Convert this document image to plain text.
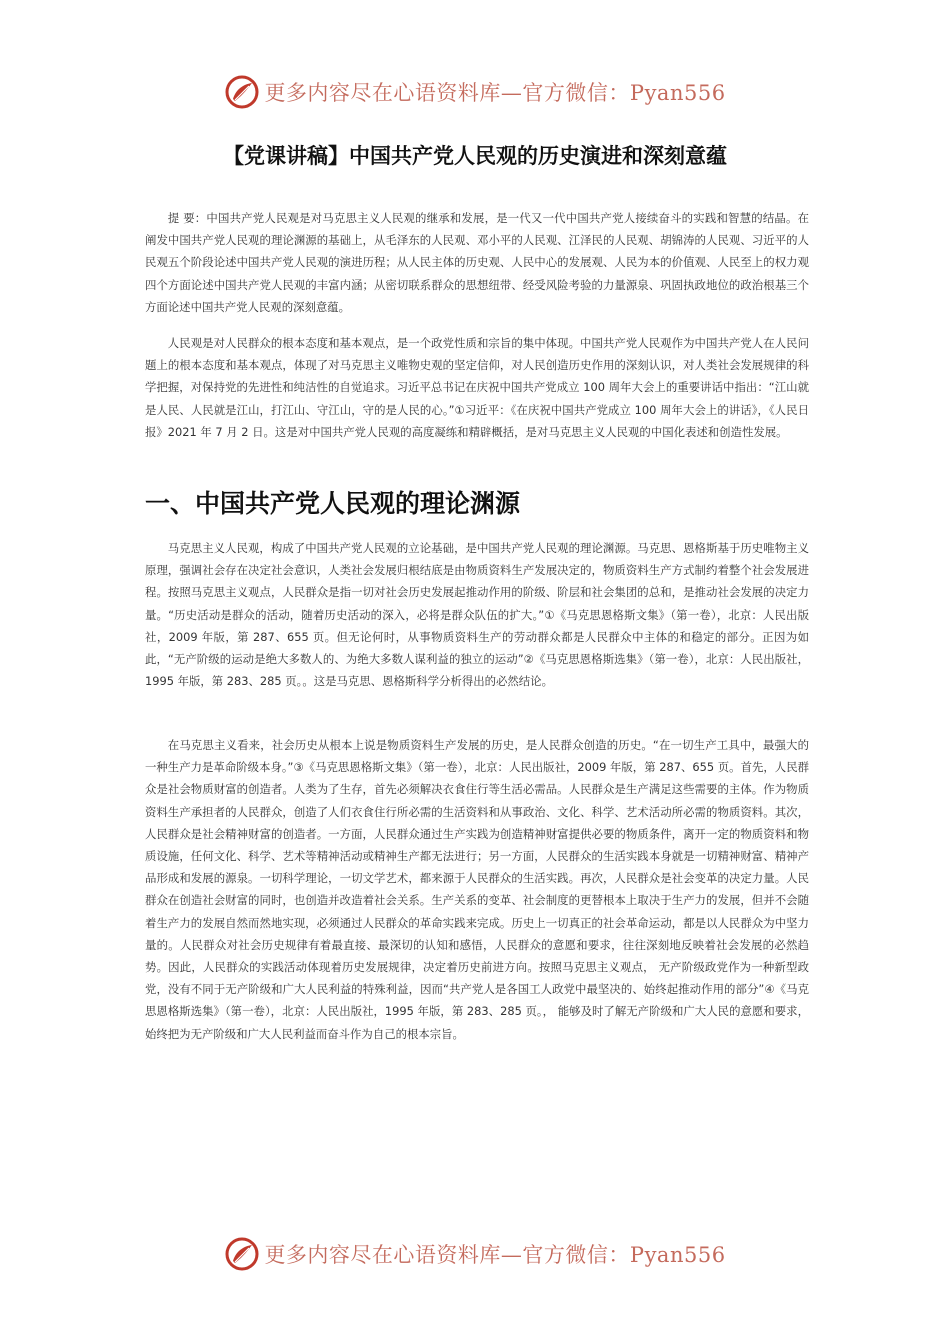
更多内容尽在心语资料库—官方微信：Pyan556
【党课讲稿】中国共产党人民观的历史演进和深刻意蕴

提 要：中国共产党人民观是对马克思主义人民观的继承和发展，是一代又一代中国共产党人接续奋斗的实践和智慧的结晶。在阐发中国共产党人民观的理论渊源的基础上，从毛泽东的人民观、邓小平的人民观、江泽民的人民观、胡锦涛的人民观、习近平的人民观五个阶段论述中国共产党人民观的演进历程；从人民主体的历史观、人民中心的发展观、人民为本的价值观、人民至上的权力观四个方面论述中国共产党人民观的丰富内涵；从密切联系群众的思想纽带、经受风险考验的力量源泉、巩固执政地位的政治根基三个方面论述中国共产党人民观的深刻意蕴。

人民观是对人民群众的根本态度和基本观点，是一个政党性质和宗旨的集中体现。中国共产党人民观作为中国共产党人在人民问题上的根本态度和基本观点，体现了对马克思主义唯物史观的坚定信仰，对人民创造历史作用的深刻认识，对人类社会发展规律的科学把握，对保持党的先进性和纯洁性的自觉追求。习近平总书记在庆祝中国共产党成立 100 周年大会上的重要讲话中指出：“江山就是人民、人民就是江山，打江山、守江山，守的是人民的心。”①习近平：《在庆祝中国共产党成立 100 周年大会上的讲话》，《人民日报》2021 年 7 月 2 日。这是对中国共产党人民观的高度凝练和精辟概括，是对马克思主义人民观的中国化表述和创造性发展。

一、中国共产党人民观的理论渊源

马克思主义人民观，构成了中国共产党人民观的立论基础，是中国共产党人民观的理论渊源。马克思、恩格斯基于历史唯物主义原理，强调社会存在决定社会意识，人类社会发展归根结底是由物质资料生产发展决定的，物质资料生产方式制约着整个社会发展进程。按照马克思主义观点，人民群众是指一切对社会历史发展起推动作用的阶级、阶层和社会集团的总和，是推动社会发展的决定力量。“历史活动是群众的活动，随着历史活动的深入，必将是群众队伍的扩大。”①《马克思恩格斯文集》（第一卷），北京：人民出版社，2009 年版，第 287、655 页。但无论何时，从事物质资料生产的劳动群众都是人民群众中主体的和稳定的部分。正因为如此，“无产阶级的运动是绝大多数人的、为绝大多数人谋利益的独立的运动”②《马克思恩格斯选集》（第一卷），北京：人民出版社，1995 年版，第 283、285 页。。这是马克思、恩格斯科学分析得出的必然结论。

在马克思主义看来，社会历史从根本上说是物质资料生产发展的历史，是人民群众创造的历史。“在一切生产工具中，最强大的一种生产力是革命阶级本身。”③《马克思恩格斯文集》（第一卷），北京：人民出版社，2009 年版，第 287、655 页。首先，人民群众是社会物质财富的创造者。人类为了生存，首先必须解决衣食住行等生活必需品。人民群众是生产满足这些需要的主体。作为物质资料生产承担者的人民群众，创造了人们衣食住行所必需的生活资料和从事政治、文化、科学、艺术活动所必需的物质资料。其次，人民群众是社会精神财富的创造者。一方面，人民群众通过生产实践为创造精神财富提供必要的物质条件，离开一定的物质资料和物质设施，任何文化、科学、艺术等精神活动或精神生产都无法进行；另一方面，人民群众的生活实践本身就是一切精神财富、精神产品形成和发展的源泉。一切科学理论，一切文学艺术，都来源于人民群众的生活实践。再次，人民群众是社会变革的决定力量。人民群众在创造社会财富的同时，也创造并改造着社会关系。生产关系的变革、社会制度的更替根本上取决于生产力的发展，但并不会随着生产力的发展自然而然地实现，必须通过人民群众的革命实践来完成。历史上一切真正的社会革命运动，都是以人民群众为中坚力量的。人民群众对社会历史规律有着最直接、最深切的认知和感悟，人民群众的意愿和要求，往往深刻地反映着社会发展的必然趋势。因此，人民群众的实践活动体现着历史发展规律，决定着历史前进方向。按照马克思主义观点， 无产阶级政党作为一种新型政党，没有不同于无产阶级和广大人民利益的特殊利益，因而“共产党人是各国工人政党中最坚决的、始终起推动作用的部分”④《马克思恩格斯选集》（第一卷），北京：人民出版社，1995 年版，第 283、285 页。， 能够及时了解无产阶级和广大人民的意愿和要求，始终把为无产阶级和广大人民利益而奋斗作为自己的根本宗旨。

更多内容尽在心语资料库—官方微信：Pyan556
